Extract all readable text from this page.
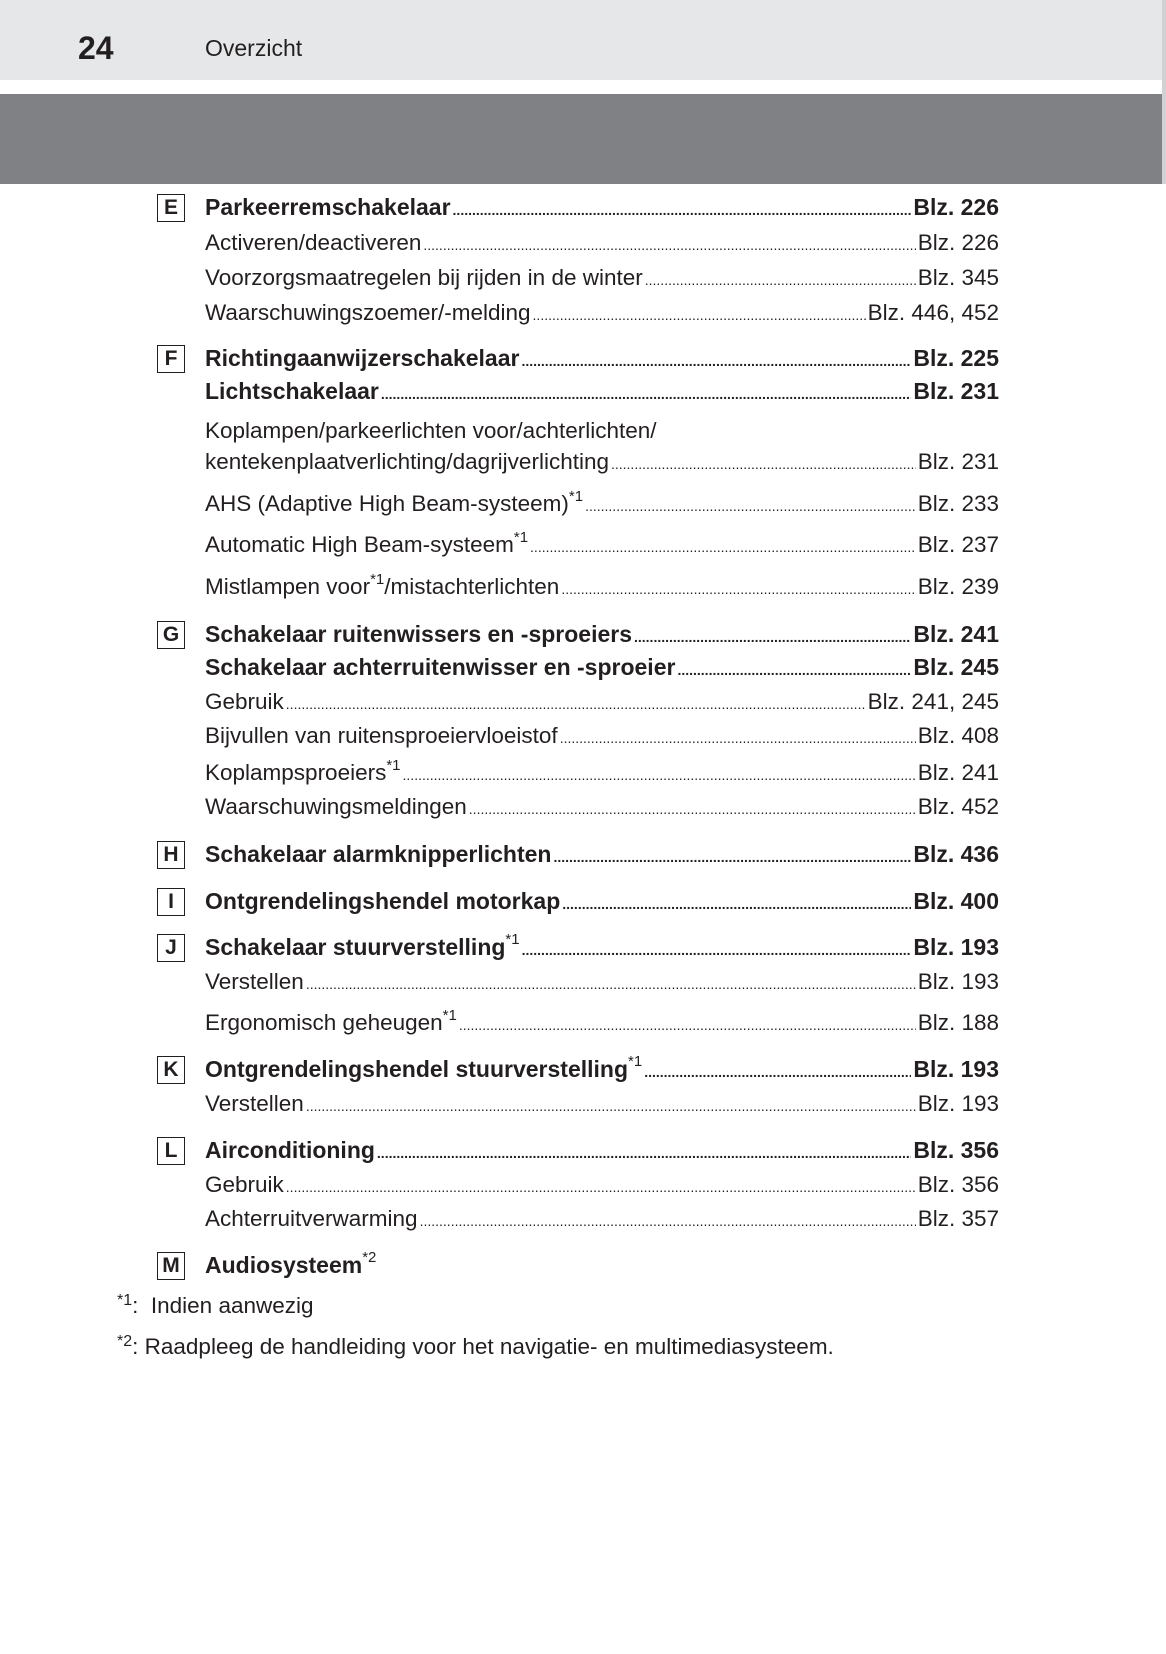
24	Overzicht
E	Parkeerremschakelaar .....	Blz. 226
Activeren/deactiveren .....	Blz. 226
Voorzorgsmaatregelen bij rijden in de winter .....	Blz. 345
Waarschuwingszoemer/-melding .....	Blz. 446, 452
F	Richtingaanwijzerschakelaar .....	Blz. 225
Lichtschakelaar .....	Blz. 231
Koplampen/parkeerlichten voor/achterlichten/
kentekenplaatverlichting/dagrijverlichting .....	Blz. 231
AHS (Adaptive High Beam-systeem)$^{*1}$ .....	Blz. 233
Automatic High Beam-systeem$^{*1}$ .....	Blz. 237
Mistlampen voor$^{*1}$/mistachterlichten .....	Blz. 239
G Schakelaar ruitenwissers en -sproeiers .....	Blz. 241
Schakelaar achterruitenwisser en -sproeier .....	Blz. 245
Gebruik .....	Blz. 241, 245
Bijvullen van ruitensproeiervloeistof .....	Blz. 408
Koplampsproeiers$^{*1}$ .....	Blz. 241
Waarschuwingsmeldingen .....	Blz. 452
H Schakelaar alarmknipperlichten .....	Blz. 436
I	Ontgrendelingshendel motorkap .....	Blz. 400
J	Schakelaar stuurverstelling$^{*1}$ .....	Blz. 193
Verstellen .....	Blz. 193
Ergonomisch geheugen$^{*1}$ .....	Blz. 188
K Ontgrendelingshendel stuurverstelling$^{*1}$ .....	Blz. 193
Verstellen .....	Blz. 193
L	Airconditioning .....	Blz. 356
Gebruik .....	Blz. 356
Achterruitverwarming .....	Blz. 357
M Audiosysteem$^{*2}$
$^{*1}$:  Indien aanwezig
$^{*2}$: Raadpleeg de handleiding voor het navigatie- en multimediasysteem.
